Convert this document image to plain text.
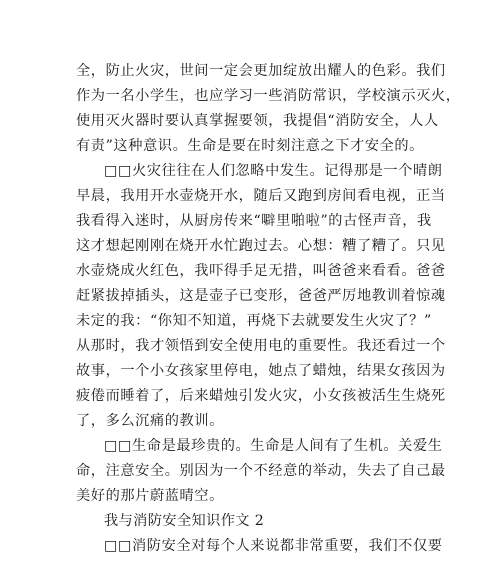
全，防止火灾，世间一定会更加绽放出耀人的色彩。我们
作为一名小学生，也应学习一些消防常识，学校演示灭火，
使用灭火器时要认真掌握要领，我提倡“消防安全，人人
有责”这种意识。生命是要在时刻注意之下才安全的。
□□火灾往往在人们忽略中发生。记得那是一个晴朗
早晨，我用开水壶烧开水，随后又跑到房间看电视，正当
我看得入迷时，从厨房传来“噼里啪啦”的古怪声音，我
这才想起刚刚在烧开水忙跑过去。心想：糟了糟了。只见
水壶烧成火红色，我吓得手足无措，叫爸爸来看看。爸爸
赶紧拔掉插头，这是壶子已变形，爸爸严厉地教训着惊魂
未定的我：“你知不知道，再烧下去就要发生火灾了？”
从那时，我才领悟到安全使用电的重要性。我还看过一个
故事，一个小女孩家里停电，她点了蜡烛，结果女孩因为
疲倦而睡着了，后来蜡烛引发火灾，小女孩被活生生烧死
了，多么沉痛的教训。
□□生命是最珍贵的。生命是人间有了生机。关爱生
命，注意安全。别因为一个不经意的举动，失去了自己最
美好的那片蔚蓝晴空。
我与消防安全知识作文 2
□□消防安全对每个人来说都非常重要，我们不仅要
